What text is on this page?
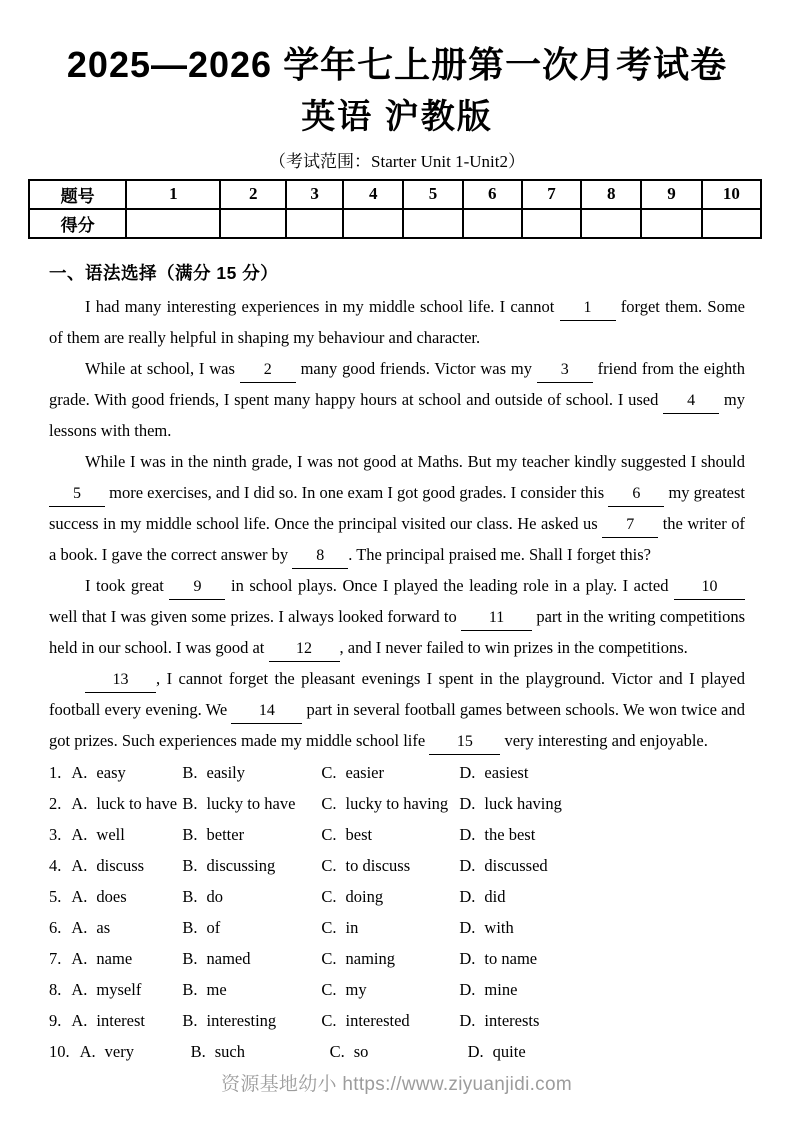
2025—2026 学年七上册第一次月考试卷
英语 沪教版
（考试范围：Starter Unit 1-Unit2）
题号	1	2	3	4	5	6	7	8	9	10
得分										
一、语法选择（满分 15 分）

I had many interesting experiences in my middle school life. I cannot 1 forget them. Some of them are really helpful in shaping my behaviour and character.

While at school, I was 2 many good friends. Victor was my 3 friend from the eighth grade. With good friends, I spent many happy hours at school and outside of school. I used 4 my lessons with them.

While I was in the ninth grade, I was not good at Maths. But my teacher kindly suggested I should 5 more exercises, and I did so. In one exam I got good grades. I consider this 6 my greatest success in my middle school life. Once the principal visited our class. He asked us 7 the writer of a book. I gave the correct answer by 8 . The principal praised me. Shall I forget this?

I took great 9 in school plays. Once I played the leading role in a play. I acted 10 well that I was given some prizes. I always looked forward to 11 part in the writing competitions held in our school. I was good at 12 , and I never failed to win prizes in the competitions.

13 , I cannot forget the pleasant evenings I spent in the playground. Victor and I played football every evening. We 14 part in several football games between schools. We won twice and got prizes. Such experiences made my middle school life 15 very interesting and enjoyable.

1. A. easy	B. easily	C. easier	D. easiest
2. A. luck to have B. lucky to have	C. lucky to having D. luck having
3. A. well	B. better	C. best	D. the best
4. A. discuss	B. discussing	C. to discuss	D. discussed
5. A. does	B. do	C. doing	D. did
6. A. as	B. of	C. in	D. with
7. A. name	B. named	C. naming	D. to name
8. A. myself	B. me	C. my	D. mine
9. A. interest	B. interesting	C. interested	D. interests
10. A. very	B. such	C. so	D. quite
资源基地幼小 https://www.ziyuanjidi.com
